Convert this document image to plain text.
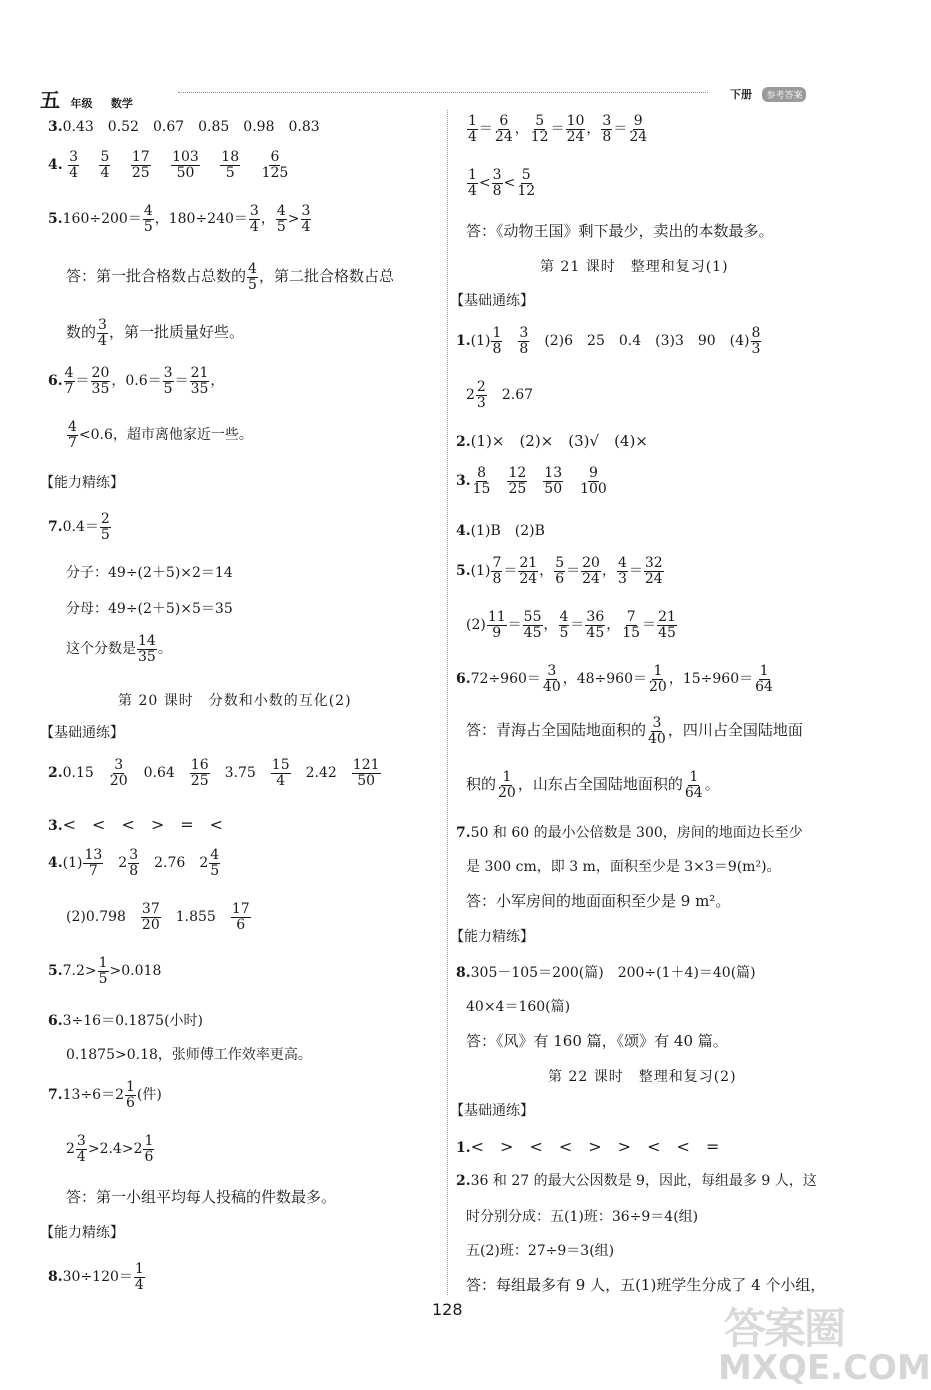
五 年级 数学
下册 参考答案
3.0.43　0.52　0.67　0.85　0.98　0.83
4. $\frac{3}{4}$
  $\frac{5}{4}$
  $\frac{17}{25}$
  $\frac{103}{50}$
  $\frac{18}{5}$
  $\frac{6}{125}$
$5.160\div 200= \frac{4}{5}$ ，$180\div 240= \frac{3}{4}$ ， $\frac{4}{5} > \frac{3}{4}$
答：第一批合格数占总数的 $\frac{4}{5}$ ，第二批合格数占总
数的 $\frac{3}{4}$ ，第一批质量好些。
6. $\frac{4}{7} = \frac{20}{35}$ ，$0.6= \frac{3}{5} = \frac{21}{35}$ ，
$\frac{4}{7} <0.6$，超市离他家近一些。
【能力精练】
$7.0.4= \frac{2}{5}$
分子：49÷(2＋5)×2＝14
分母：49÷(2＋5)×5＝35
这个分数是 $\frac{14}{35}$ 。
第 20 课时　分数和小数的互化(2)
【基础通练】
2.0.15  $\frac{3}{20}$
  0.64  $\frac{16}{25}$
  3.75  $\frac{15}{4}$
  2.42  $\frac{121}{50}$
3.<　<　<　>　=　<
$4.(1) \frac{13}{7}$
  $2 \frac{3}{8}$
  2.76  $2 \frac{4}{5}$
(2)0.798  $\frac{37}{20}$
  1.855  $\frac{17}{6}$
$5.7.2> \frac{1}{5} >0.018$
6.3÷16＝0.1875(小时)
0.1875>0.18，张师傅工作效率更高。
$7.13\div 6=2 \frac{1}{6}$ (件)
$2 \frac{3}{4} >2.4>2 \frac{1}{6}$
答：第一小组平均每人投稿的件数最多。
【能力精练】
$8.30\div 120= \frac{1}{4}$
$\frac{1}{4} = \frac{6}{24}$ ， $\frac{5}{12} = \frac{10}{24}$ ， $\frac{3}{8} = \frac{9}{24}$
$\frac{1}{4} < \frac{3}{8} < \frac{5}{12}$
答：《动物王国》剩下最少，卖出的本数最多。
第 21 课时　整理和复习(1)
【基础通练】
$1.(1) \frac{1}{8}$
  $\frac{3}{8}$
  (2)6　25　0.4　(3)3　90　$(4) \frac{8}{3}$
$2 \frac{2}{3}$
  2.67
2.(1)×　(2)×　(3)√　(4)×
3. $\frac{8}{15}$
  $\frac{12}{25}$
  $\frac{13}{50}$
  $\frac{9}{100}$
4.(1)B　(2)B
$5.(1) \frac{7}{8} = \frac{21}{24}$ ， $\frac{5}{6} = \frac{20}{24}$ ， $\frac{4}{3} = \frac{32}{24}$
$(2) \frac{11}{9} = \frac{55}{45}$ ， $\frac{4}{5} = \frac{36}{45}$ ， $\frac{7}{15} = \frac{21}{45}$
$6.72\div 960= \frac{3}{40}$ ，$48\div 960= \frac{1}{20}$ ，$15\div 960= \frac{1}{64}$
答：青海占全国陆地面积的 $\frac{3}{40}$ ，四川占全国陆地面
积的 $\frac{1}{20}$ ，山东占全国陆地面积的 $\frac{1}{64}$ 。
7.50 和 60 的最小公倍数是 300，房间的地面边长至少
是 300 cm，即 3 m，面积至少是 3×3＝9(m²)。
答：小军房间的地面面积至少是 9 m²。
【能力精练】
8.305－105＝200(篇)　200÷(1＋4)＝40(篇)
40×4＝160(篇)
答：《风》有 160 篇，《颂》有 40 篇。
第 22 课时　整理和复习(2)
【基础通练】
1.<　>　<　<　>　>　<　<　=
2.36 和 27 的最大公因数是 9，因此，每组最多 9 人，这
时分别分成：五(1)班：36÷9＝4(组)
五(2)班：27÷9＝3(组)
答：每组最多有 9 人，五(1)班学生分成了 4 个小组，
128	答案圈
MXQE.COM
